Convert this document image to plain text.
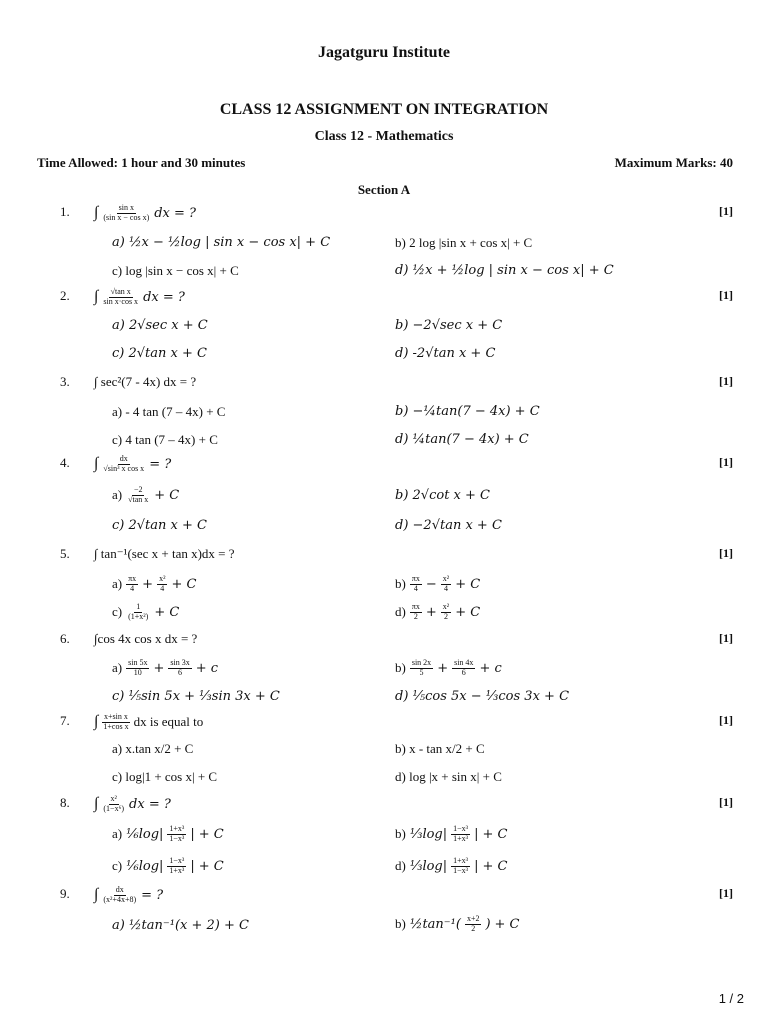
Jagatguru Institute
CLASS 12 ASSIGNMENT ON INTEGRATION
Class 12 - Mathematics
Time Allowed: 1 hour and 30 minutes	Maximum Marks: 40
Section A
1. ∫	sin x
(sin x − cos x) dx = ?	[1]
a) ½x − ½log | sin x − cos x| + C	b) 2 log |sin x + cos x| + C
c) log |sin x − cos x| + C	d) ½x + ½log | sin x − cos x| + C
2. ∫ √tan x
sin x·cos x dx = ?	[1]
a) 2√sec x + C	b) −2√sec x + C
c) 2√tan x + C	d) -2√tan x + C
3. ∫ sec²(7 - 4x) dx = ?	[1]
a) - 4 tan (7 – 4x) + C	b) −¼tan(7 − 4x) + C
c) 4 tan (7 – 4x) + C	d) ¼tan(7 − 4x) + C
4. ∫ $\frac{dx}{\text{√sin³ x cos x}}$ = ?	[1]
a) −2
√tan x + C	b) 2√cot x + C
c) 2√tan x + C	d) −2√tan x + C
5. ∫ tan⁻¹(sec x + tan x)dx = ?	[1]
a) πx
$4 + \frac{\text{x²}}{4} + C$	b) πx
$4 - \frac{\text{x²}}{4} + C$
c) 1
(1+x²) + C	d) πx
$2 + \frac{\text{x²}}{2} + C$
6. ∫cos 4x cos x dx = ?	[1]
a) sin 5x
$10 + \frac{\sin 3x}{6} + c$	b) sin 2x
$5 + \frac{\sin 4x}{6} + c$
c) ⅕sin 5x + ⅓sin 3x + C	d) ⅕cos 5x − ⅓cos 3x + C
7. ∫ x+sin x
1+cos x dx is equal to	[1]
a) x.tan x/2 + C	b) x - tan x/2 + C
c) log|1 + cos x| + C	d) log |x + sin x| + C
8. ∫ x²
(1−x⁶) dx = ?	[1]
a) ⅙log| 1+x³
1−x³ | + C	b) ⅓log| 1−x³
1+x³ | + C
c) ⅙log| 1−x³
1+x³ | + C	d) ⅓log| 1+x³
1−x³ | + C
9. ∫ $\frac{dx}{\text{(x²+4x+8)}}$ = ?	[1]
a) ½tan⁻¹(x + 2) + C	b) ½tan⁻¹( x+2
2 ) + C
1 / 2
